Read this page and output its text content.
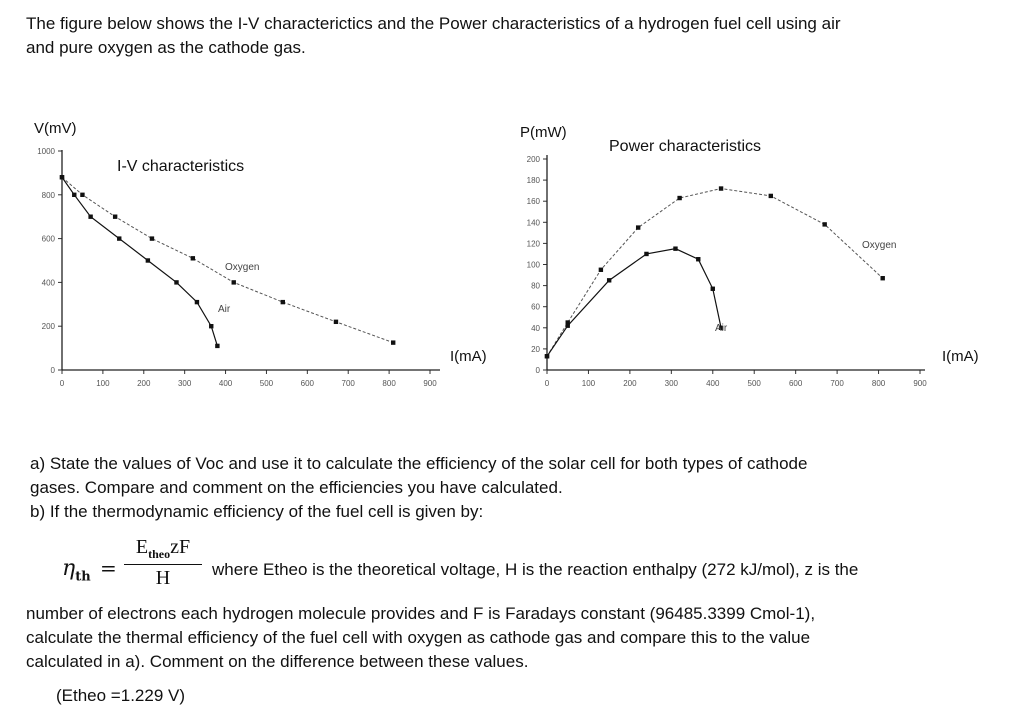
The figure below shows the I-V characterictics and the Power characteristics of a hydrogen fuel cell using air
and pure oxygen as the cathode gas.
0	100	200	300	400	500	600	700	800	900
0
200
400
600
800
1000
V(mV)
I-V characteristics
I(mA)
Oxygen
Air
0	100	200	300	400	500	600	700	800	900
0
20
40
60
80
100
120
140
160
180
200
P(mW)
Power characteristics
I(mA)
Oxygen
Air
a) State the values of Voc and use it to calculate the efficiency of the solar cell for both types of cathode
gases. Compare and comment on the efficiencies you have calculated.
b) If the thermodynamic efficiency of the fuel cell is given by:
$\eta_{th}$ =
$E_{theo}zF$
H	where Etheo is the theoretical voltage, H is the reaction enthalpy (272 kJ/mol), z is the
number of electrons each hydrogen molecule provides and F is Faradays constant (96485.3399 Cmol-1),
calculate the thermal efficiency of the fuel cell with oxygen as cathode gas and compare this to the value
calculated in a). Comment on the difference between these values.
(Etheo =1.229 V)
